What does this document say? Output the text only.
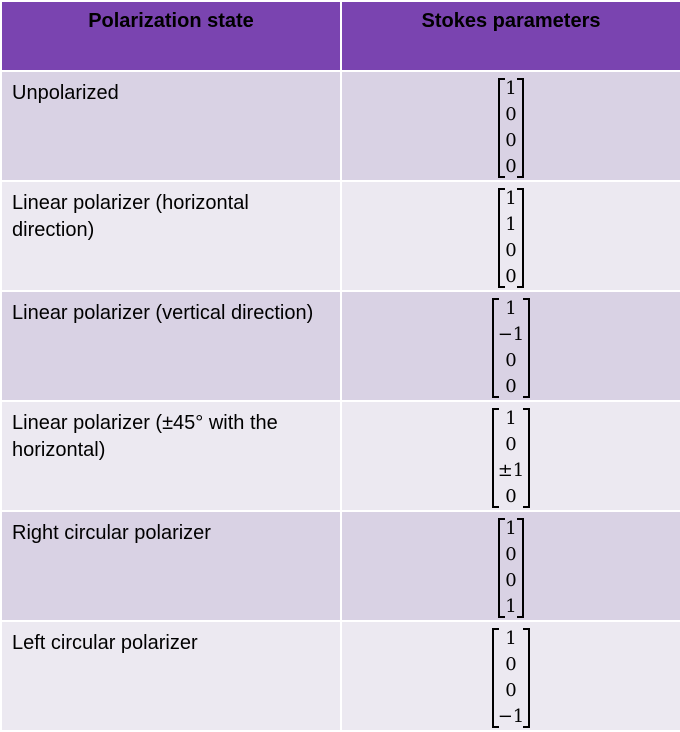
Polarization state	Stokes parameters
Unpolarized	1
0
0
0

Linear polarizer (horizontal direction)	1
1
0
0

Linear polarizer (vertical direction)	1
−1
0
0

Linear polarizer (±45° with the horizontal)	1
0
±1
0

Right circular polarizer	1
0
0
1

Left circular polarizer	1
0
0
−1
